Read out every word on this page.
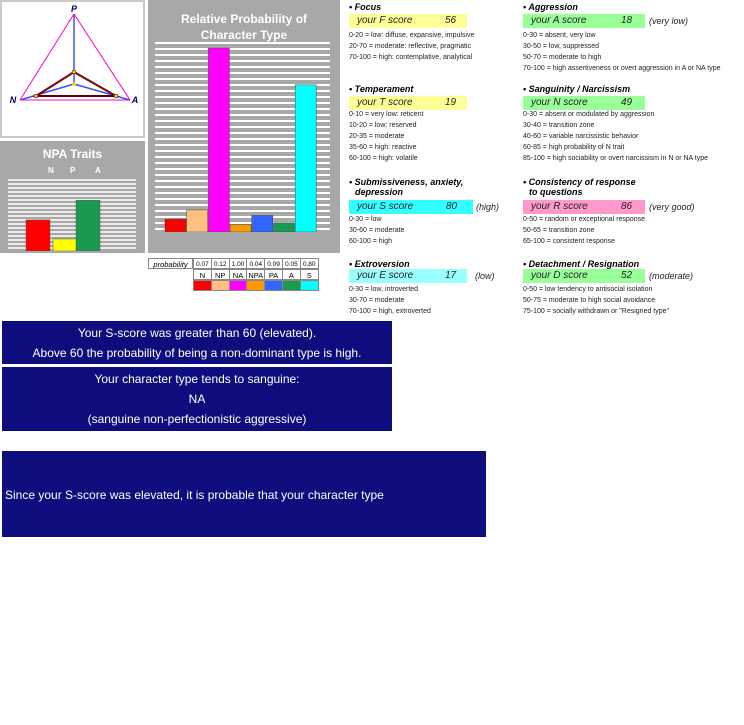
P
N	A
NPA Traits
N P A
Relative Probability of
Character Type
probability	0.07 0.12 1.00 0.04 0.09 0.05 0.80
N	NP NA NPA PA	A	S
• Focus
your F score	56
0-20 = low: diffuse, expansive, impulsive
20-70 = moderate: reflective, pragmatic
70-100 = high: contemplative, analytical
• Temperament
your T score	19
0-10 = very low: reticent
10-20 = low: reserved
20-35 = moderate
35-60 = high: reactive
60-100 = high: volatile
• Submissiveness, anxiety,
depression
your S score	80 (high)
0-30 = low
30-60 = moderate
60-100 = high
• Extroversion
your E score	17 (low)
0-30 = low, introverted
30-70 = moderate
70-100 = high, extroverted
• Aggression
your A score	18 (very low)
0-30 = absent, very low
30-50 = low, suppressed
50-70 = moderate to high
70-100 = high assertiveness or overt aggression in A or NA type
• Sanguinity / Narcissism
your N score	49
0-30 = absent or modulated by aggression
30-40 = transition zone
40-60 = variable narcissistic behavior
60-85 = high probability of N trait
85-100 = high sociability or overt narcissism in N or NA type
• Consistency of response
to questions
your R score	86 (very good)
0-50 = random or exceptional response
50-65 = transition zone
65-100 = consistent response
• Detachment / Resignation
your D score	52 (moderate)
0-50 = low tendency to antisocial isolation
50-75 = moderate to high social avoidance
75-100 = socially withdrawn or "Resigned type"
Your S-score was greater than 60 (elevated).
Above 60 the probability of being a non-dominant type is high.
Your character type tends to sanguine:
NA
(sanguine non-perfectionistic aggressive)

Since your S-score was elevated, it is probable that your character type

is a variant sanguine aggressive type:

Sanguine aggressive with tendency to passive aggressive type (NA- or NA=).

Note: the N score can be modulated (lowered here) by trait aggression in NA types.

Possible predisposition: borderline personality.
